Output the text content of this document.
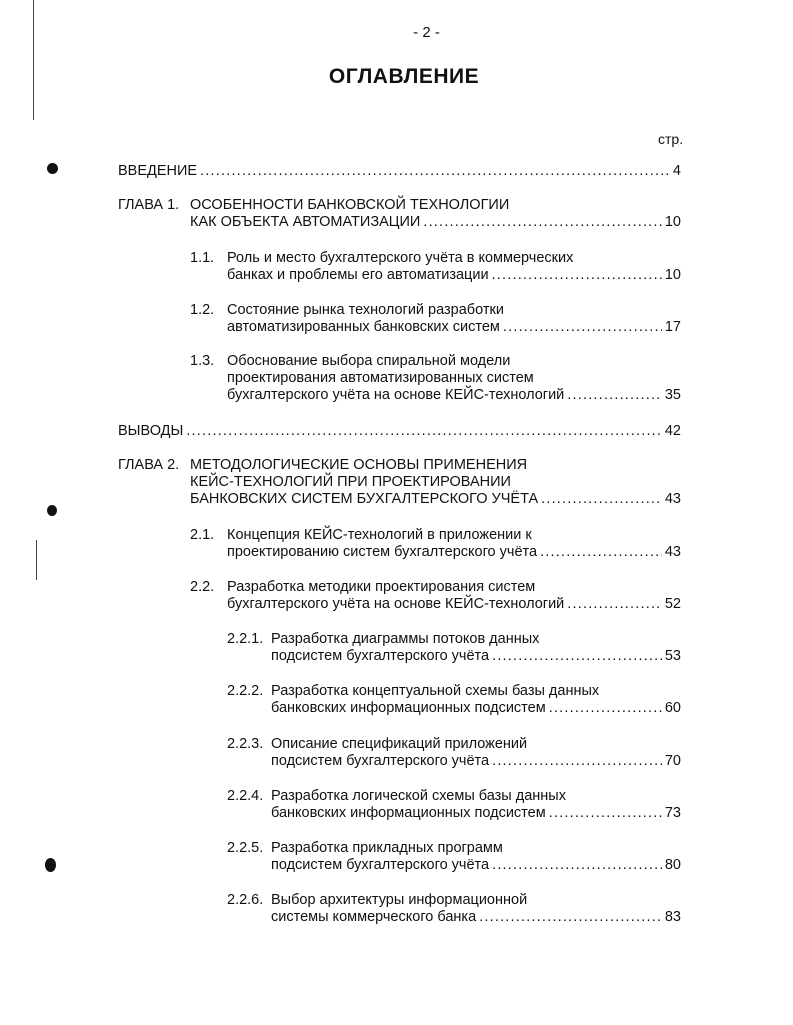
- 2 -
ОГЛАВЛЕНИЕ
стр.
ВВЕДЕНИЕ .....	4
ГЛАВА 1. ОСОБЕННОСТИ БАНКОВСКОЙ ТЕХНОЛОГИИ
КАК ОБЪЕКТА АВТОМАТИЗАЦИИ .....	10
1.1. Роль и место бухгалтерского учёта в коммерческих
банках и проблемы его автоматизации .....	10
1.2. Состояние рынка технологий разработки
автоматизированных банковских систем .....	17
1.3. Обоснование выбора спиральной модели
проектирования автоматизированных систем
бухгалтерского учёта на основе КЕЙС-технологий .....	35
ВЫВОДЫ .....	42
ГЛАВА 2. МЕТОДОЛОГИЧЕСКИЕ ОСНОВЫ ПРИМЕНЕНИЯ
КЕЙС-ТЕХНОЛОГИЙ ПРИ ПРОЕКТИРОВАНИИ
БАНКОВСКИХ СИСТЕМ БУХГАЛТЕРСКОГО УЧЁТА .....	43
2.1. Концепция КЕЙС-технологий в приложении к
проектированию систем бухгалтерского учёта .....	43
2.2. Разработка методики проектирования систем
бухгалтерского учёта на основе КЕЙС-технологий .....	52
2.2.1. Разработка диаграммы потоков данных
подсистем бухгалтерского учёта .....	53
2.2.2. Разработка концептуальной схемы базы данных
банковских информационных подсистем .....	60
2.2.3. Описание спецификаций приложений
подсистем бухгалтерского учёта .....	70
2.2.4. Разработка логической схемы базы данных
банковских информационных подсистем .....	73
2.2.5. Разработка прикладных программ
подсистем бухгалтерского учёта .....	80
2.2.6. Выбор архитектуры информационной
системы коммерческого банка .....	83
